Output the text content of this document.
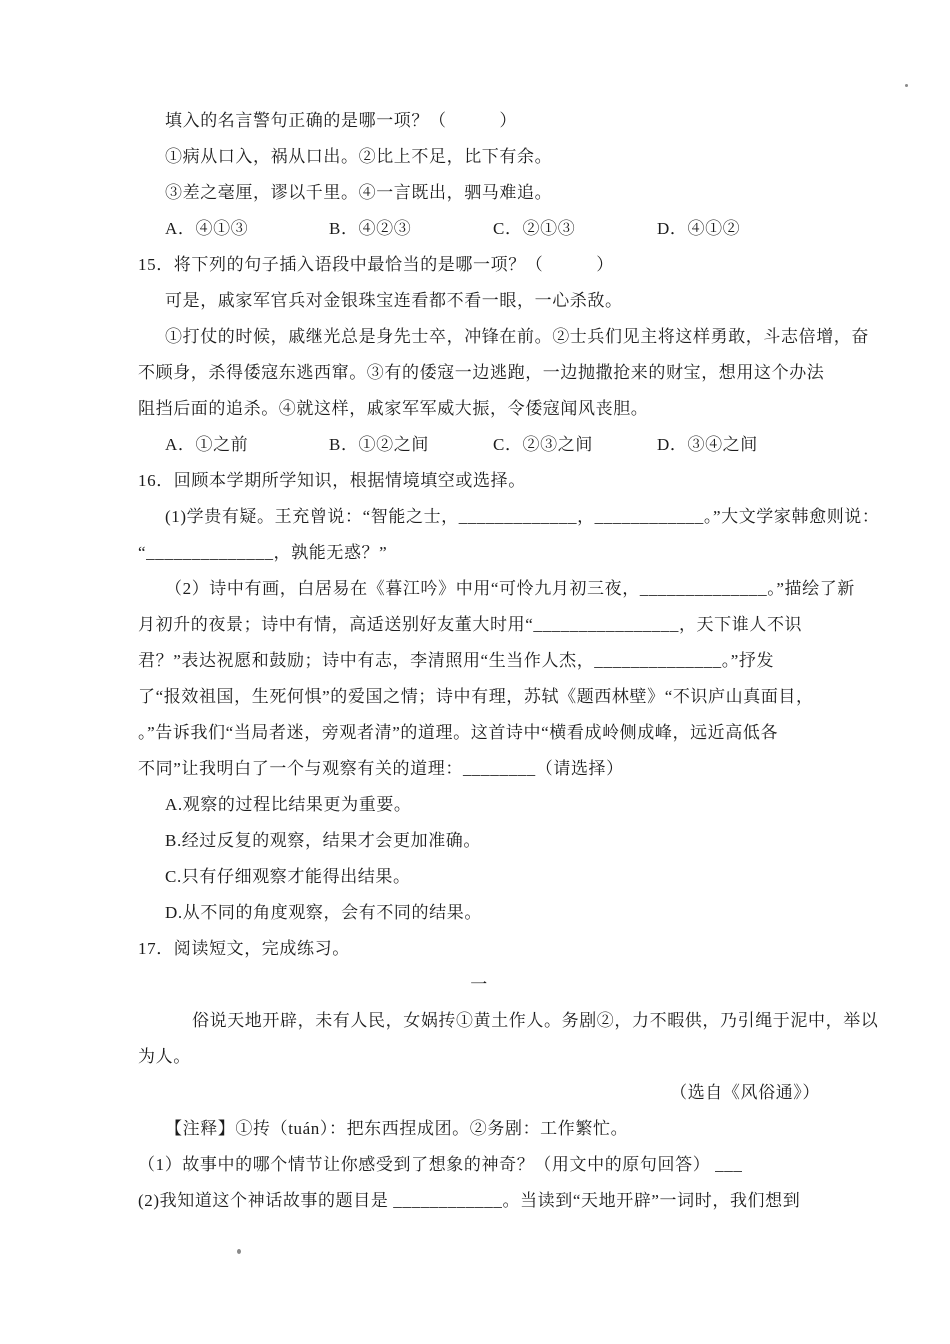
填入的名言警句正确的是哪一项？（　　　）
①病从口入，祸从口出。②比上不足，比下有余。
③差之毫厘，谬以千里。④一言既出，驷马难追。
A．④①③	B．④②③	C．②①③	D．④①②
15．将下列的句子插入语段中最恰当的是哪一项？（　　　）
可是，戚家军官兵对金银珠宝连看都不看一眼，一心杀敌。
①打仗的时候，戚继光总是身先士卒，冲锋在前。②士兵们见主将这样勇敢，斗志倍增，奋
不顾身，杀得倭寇东逃西窜。③有的倭寇一边逃跑，一边抛撒抢来的财宝，想用这个办法
阻挡后面的追杀。④就这样，戚家军军威大振，令倭寇闻风丧胆。
A．①之前	B．①②之间	C．②③之间	D．③④之间
16．回顾本学期所学知识，根据情境填空或选择。
(1)学贵有疑。王充曾说：“智能之士，_____________，____________。”大文学家韩愈则说：
“______________，孰能无惑？”
（2）诗中有画，白居易在《暮江吟》中用“可怜九月初三夜，______________。”描绘了新
月初升的夜景；诗中有情，高适送别好友董大时用“________________，天下谁人不识
君？”表达祝愿和鼓励；诗中有志，李清照用“生当作人杰，______________。”抒发
了“报效祖国，生死何惧”的爱国之情；诗中有理，苏轼《题西林壁》“不识庐山真面目，
。”告诉我们“当局者迷，旁观者清”的道理。这首诗中“横看成岭侧成峰，远近高低各
不同”让我明白了一个与观察有关的道理：________（请选择）
A.观察的过程比结果更为重要。
B.经过反复的观察，结果才会更加准确。
C.只有仔细观察才能得出结果。
D.从不同的角度观察，会有不同的结果。
17．阅读短文，完成练习。
一
俗说天地开辟，未有人民，女娲抟①黄土作人。务剧②，力不暇供，乃引绳于泥中，举以
为人。
（选自《风俗通》）
【注释】①抟（tuán）：把东西捏成团。②务剧：工作繁忙。
（1）故事中的哪个情节让你感受到了想象的神奇？（用文中的原句回答） ___
(2)我知道这个神话故事的题目是 ____________。当读到“天地开辟”一词时，我们想到
